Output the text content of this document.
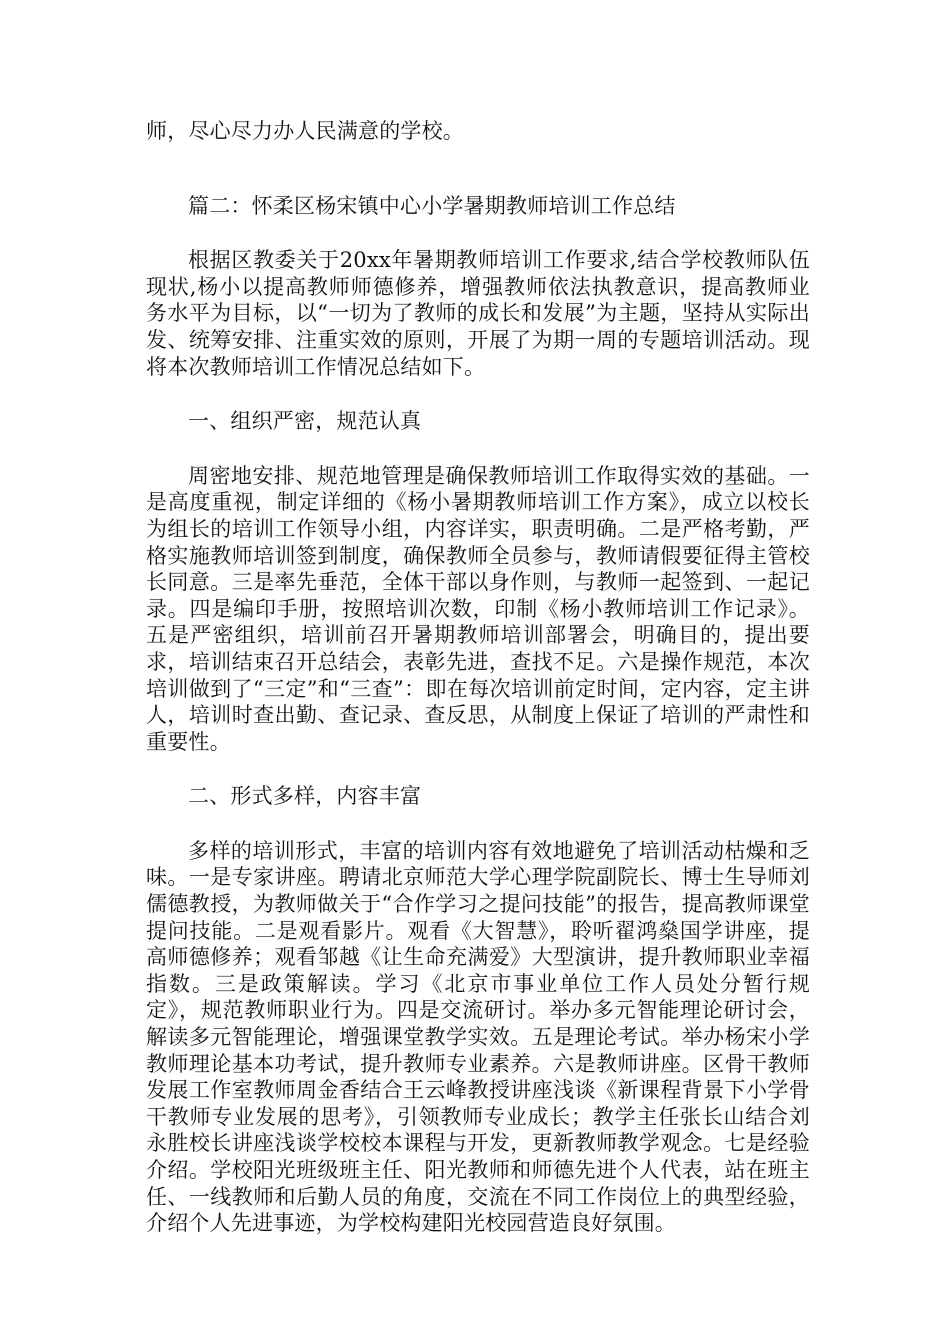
师，尽心尽力办人民满意的学校。

篇二：怀柔区杨宋镇中心小学暑期教师培训工作总结

根据区教委关于20xx年暑期教师培训工作要求,结合学校教师队伍现状,杨小以提高教师师德修养，增强教师依法执教意识，提高教师业务水平为目标，以“一切为了教师的成长和发展”为主题，坚持从实际出发、统筹安排、注重实效的原则，开展了为期一周的专题培训活动。现将本次教师培训工作情况总结如下。

一、组织严密，规范认真

周密地安排、规范地管理是确保教师培训工作取得实效的基础。一是高度重视，制定详细的《杨小暑期教师培训工作方案》，成立以校长为组长的培训工作领导小组，内容详实，职责明确。二是严格考勤，严格实施教师培训签到制度，确保教师全员参与，教师请假要征得主管校长同意。三是率先垂范，全体干部以身作则，与教师一起签到、一起记录。四是编印手册，按照培训次数，印制《杨小教师培训工作记录》。五是严密组织，培训前召开暑期教师培训部署会，明确目的，提出要求，培训结束召开总结会，表彰先进，查找不足。六是操作规范，本次培训做到了“三定”和“三查”：即在每次培训前定时间，定内容，定主讲人，培训时查出勤、查记录、查反思，从制度上保证了培训的严肃性和重要性。

二、形式多样，内容丰富

多样的培训形式，丰富的培训内容有效地避免了培训活动枯燥和乏味。一是专家讲座。聘请北京师范大学心理学院副院长、博士生导师刘儒德教授，为教师做关于“合作学习之提问技能”的报告，提高教师课堂提问技能。二是观看影片。观看《大智慧》，聆听翟鸿燊国学讲座，提高师德修养；观看邹越《让生命充满爱》大型演讲，提升教师职业幸福指数。三是政策解读。学习《北京市事业单位工作人员处分暂行规定》，规范教师职业行为。四是交流研讨。举办多元智能理论研讨会，解读多元智能理论，增强课堂教学实效。五是理论考试。举办杨宋小学教师理论基本功考试，提升教师专业素养。六是教师讲座。区骨干教师发展工作室教师周金香结合王云峰教授讲座浅谈《新课程背景下小学骨干教师专业发展的思考》，引领教师专业成长；教学主任张长山结合刘永胜校长讲座浅谈学校校本课程与开发，更新教师教学观念。七是经验介绍。学校阳光班级班主任、阳光教师和师德先进个人代表，站在班主任、一线教师和后勤人员的角度，交流在不同工作岗位上的典型经验，介绍个人先进事迹，为学校构建阳光校园营造良好氛围。
